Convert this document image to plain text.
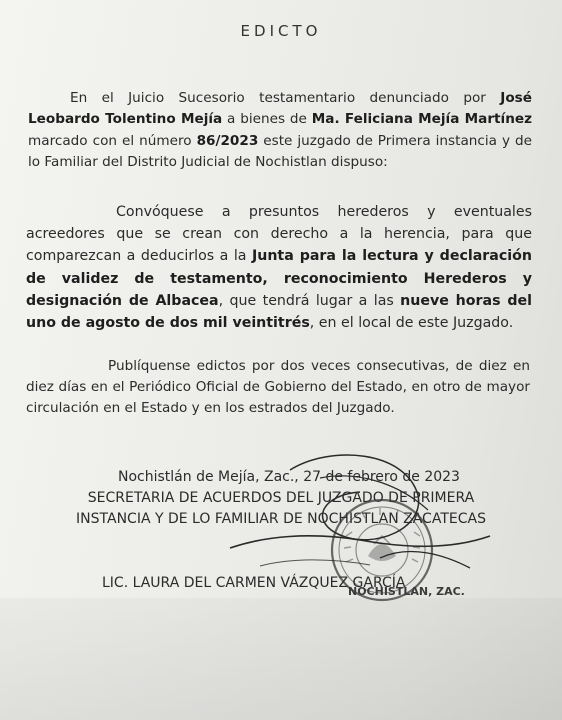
EDICTO
En el Juicio Sucesorio testamentario denunciado por José Leobardo Tolentino Mejía a bienes de Ma. Feliciana Mejía Martínez marcado con el número 86/2023 este juzgado de Primera instancia y de lo Familiar del Distrito Judicial de Nochistlan dispuso:
Convóquese a presuntos herederos y eventuales acreedores que se crean con derecho a la herencia, para que comparezcan a deducirlos a la Junta para la lectura y declaración de validez de testamento, reconocimiento Herederos y designación de Albacea, que tendrá lugar a las nueve horas del uno de agosto de dos mil veintitrés, en el local de este Juzgado.
Publíquense edictos por dos veces consecutivas, de diez en diez días en el Periódico Oficial de Gobierno del Estado, en otro de mayor circulación en el Estado y en los estrados del Juzgado.
Nochistlán de Mejía, Zac., 27 de febrero de 2023
SECRETARIA DE ACUERDOS DEL JUZGADO DE PRIMERA
INSTANCIA Y DE LO FAMILIAR DE NOCHISTLAN ZACATECAS
LIC. LAURA DEL CARMEN VÁZQUEZ GARCÍA
NOCHISTLAN, ZAC.
